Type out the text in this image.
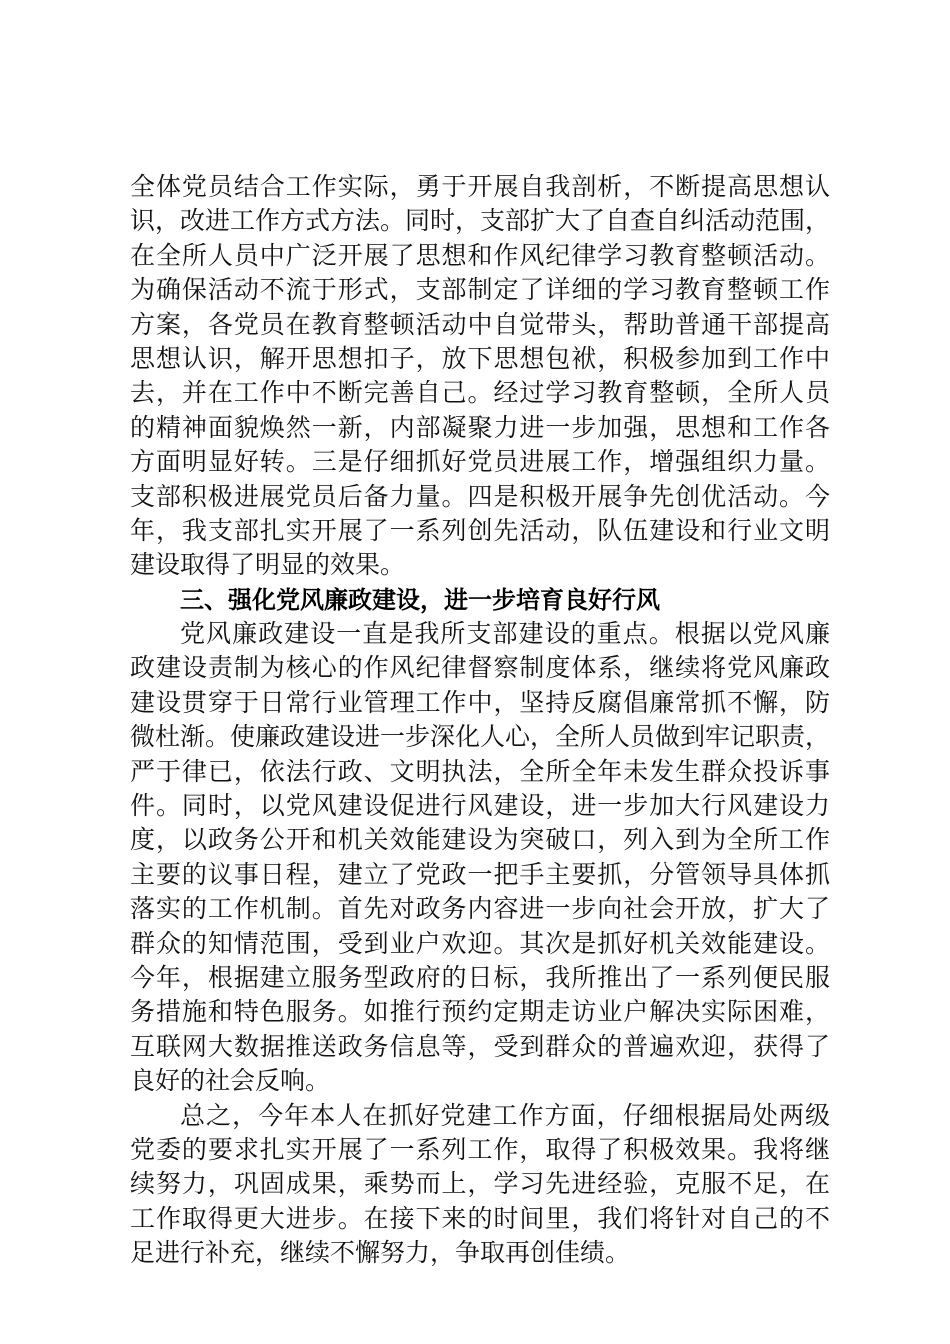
全体党员结合工作实际，勇于开展自我剖析，不断提高思想认
识，改进工作方式方法。同时，支部扩大了自查自纠活动范围，
在全所人员中广泛开展了思想和作风纪律学习教育整顿活动。
为确保活动不流于形式，支部制定了详细的学习教育整顿工作
方案，各党员在教育整顿活动中自觉带头，帮助普通干部提高
思想认识，解开思想扣子，放下思想包袱，积极参加到工作中
去，并在工作中不断完善自己。经过学习教育整顿，全所人员
的精神面貌焕然一新，内部凝聚力进一步加强，思想和工作各
方面明显好转。三是仔细抓好党员进展工作，增强组织力量。
支部积极进展党员后备力量。四是积极开展争先创优活动。今
年，我支部扎实开展了一系列创先活动，队伍建设和行业文明
建设取得了明显的效果。
三、强化党风廉政建设，进一步培育良好行风
党风廉政建设一直是我所支部建设的重点。根据以党风廉
政建设责制为核心的作风纪律督察制度体系，继续将党风廉政
建设贯穿于日常行业管理工作中，坚持反腐倡廉常抓不懈，防
微杜渐。使廉政建设进一步深化人心，全所人员做到牢记职责，
严于律已，依法行政、文明执法，全所全年未发生群众投诉事
件。同时，以党风建设促进行风建设，进一步加大行风建设力
度，以政务公开和机关效能建设为突破口，列入到为全所工作
主要的议事日程，建立了党政一把手主要抓，分管领导具体抓
落实的工作机制。首先对政务内容进一步向社会开放，扩大了
群众的知情范围，受到业户欢迎。其次是抓好机关效能建设。
今年，根据建立服务型政府的日标，我所推出了一系列便民服
务措施和特色服务。如推行预约定期走访业户解决实际困难，
互联网大数据推送政务信息等，受到群众的普遍欢迎，获得了
良好的社会反响。
总之，今年本人在抓好党建工作方面，仔细根据局处两级
党委的要求扎实开展了一系列工作，取得了积极效果。我将继
续努力，巩固成果，乘势而上，学习先进经验，克服不足，在
工作取得更大进步。在接下来的时间里，我们将针对自己的不
足进行补充，继续不懈努力，争取再创佳绩。
